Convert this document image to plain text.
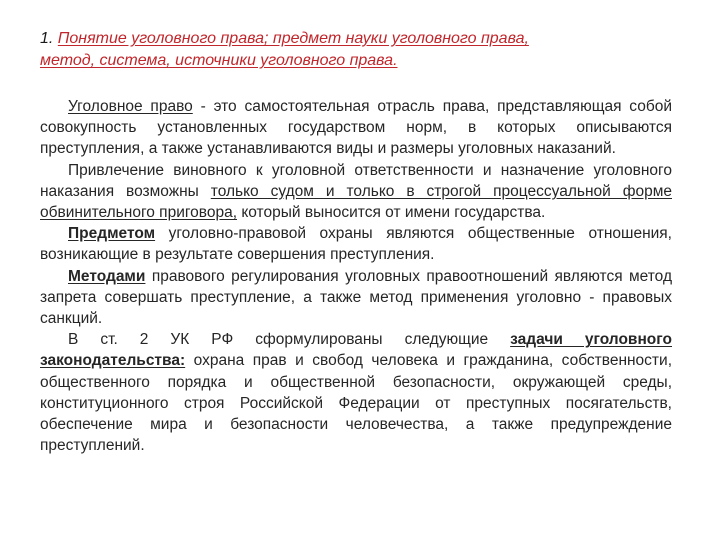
1. Понятие уголовного права; предмет науки уголовного права,
метод, система, источники уголовного права.

Уголовное право - это самостоятельная отрасль права, представляющая собой совокупность установленных государством норм, в которых описываются преступления, а также устанавливаются виды и размеры уголовных наказаний.

Привлечение виновного к уголовной ответственности и назначение уголовного наказания возможны только судом и только в строгой процессуальной форме обвинительного приговора, который выносится от имени государства.

Предметом уголовно-правовой охраны являются общественные отношения, возникающие в результате совершения преступления.

Методами правового регулирования уголовных правоотношений являются метод запрета совершать преступление, а также метод применения уголовно - правовых санкций.

В ст. 2 УК РФ сформулированы следующие задачи уголовного законодательства: охрана прав и свобод человека и гражданина, собственности, общественного порядка и общественной безопасности, окружающей среды, конституционного строя Российской Федерации от преступных посягательств, обеспечение мира и безопасности человечества, а также предупреждение преступлений.
